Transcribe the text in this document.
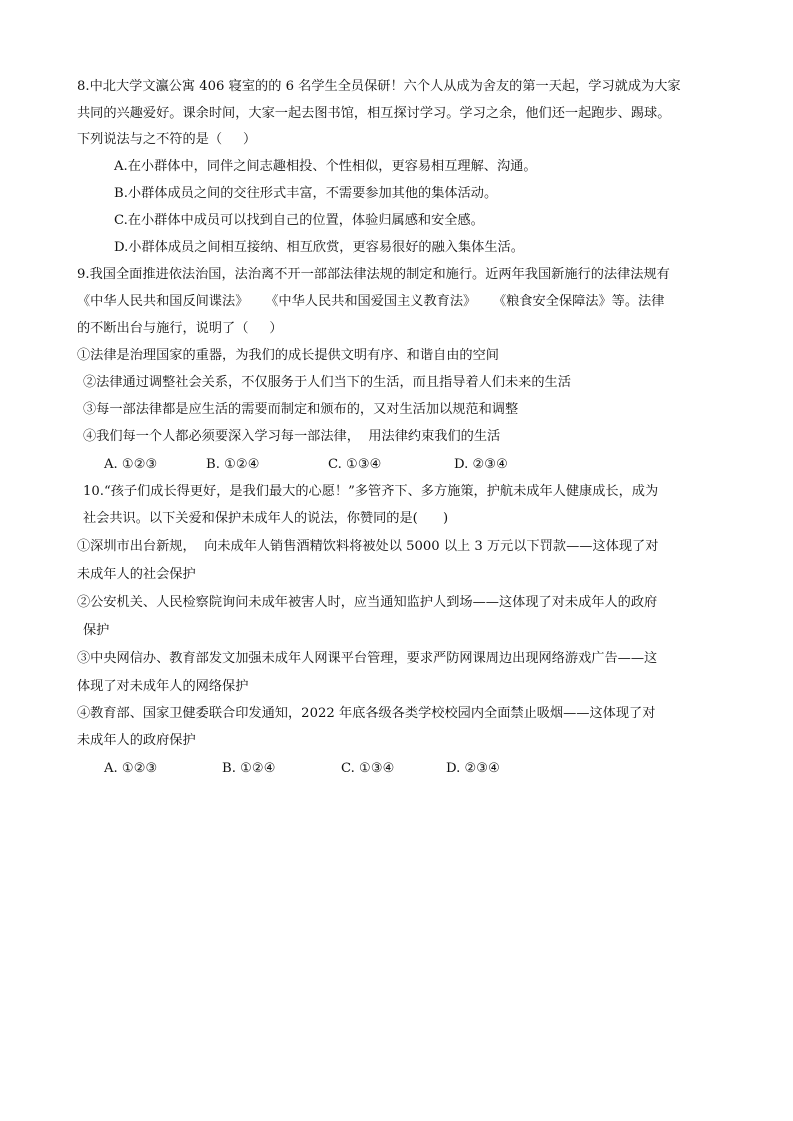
8.中北大学文瀛公寓 406 寝室的的 6 名学生全员保研！六个人从成为舍友的第一天起，学习就成为大家
共同的兴趣爱好。课余时间，大家一起去图书馆，相互探讨学习。学习之余，他们还一起跑步、踢球。
下列说法与之不符的是（     ）
A.在小群体中，同伴之间志趣相投、个性相似，更容易相互理解、沟通。
B.小群体成员之间的交往形式丰富，不需要参加其他的集体活动。
C.在小群体中成员可以找到自己的位置，体验归属感和安全感。
D.小群体成员之间相互接纳、相互欣赏，更容易很好的融入集体生活。
9.我国全面推进依法治国，法治离不开一部部法律法规的制定和施行。近两年我国新施行的法律法规有
《中华人民共和国反间谍法》    《中华人民共和国爱国主义教育法》    《粮食安全保障法》等。法律
的不断出台与施行，说明了（     ）
①法律是治理国家的重器，为我们的成长提供文明有序、和谐自由的空间
②法律通过调整社会关系，不仅服务于人们当下的生活，而且指导着人们未来的生活
③每一部法律都是应生活的需要而制定和颁布的，又对生活加以规范和调整
④我们每一个人都必须要深入学习每一部法律，  用法律约束我们的生活
A. ①②③	B. ①②④	C. ①③④	D. ②③④
10.“孩子们成长得更好，是我们最大的心愿！”多管齐下、多方施策，护航未成年人健康成长，成为
社会共识。以下关爱和保护未成年人的说法，你赞同的是(      )
①深圳市出台新规，  向未成年人销售酒精饮料将被处以 5000 以上 3 万元以下罚款——这体现了对
未成年人的社会保护
②公安机关、人民检察院询问未成年被害人时，应当通知监护人到场——这体现了对未成年人的政府
保护
③中央网信办、教育部发文加强未成年人网课平台管理，要求严防网课周边出现网络游戏广告——这
体现了对未成年人的网络保护
④教育部、国家卫健委联合印发通知，2022 年底各级各类学校校园内全面禁止吸烟——这体现了对
未成年人的政府保护
A. ①②③	B. ①②④	C. ①③④	D. ②③④
